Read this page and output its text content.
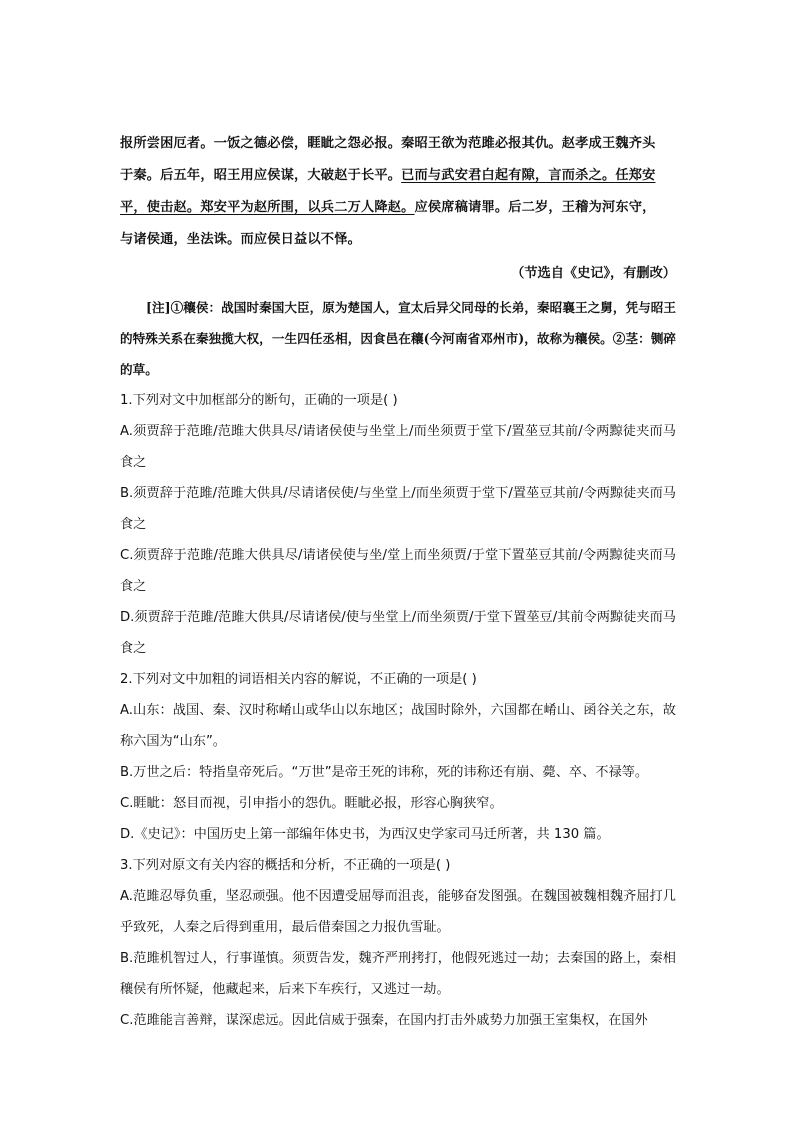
报所尝困厄者。一饭之德必偿，睚眦之怨必报。秦昭王欲为范雎必报其仇。赵孝成王魏齐头

于秦。后五年，昭王用应侯谋，大破赵于长平。已而与武安君白起有隙，言而杀之。任郑安

平，使击赵。郑安平为赵所围，以兵二万人降赵。应侯席稿请罪。后二岁，王稽为河东守，

与诸侯通，坐法诛。而应侯日益以不怿。

（节选自《史记》，有删改）

[注]①穰侯：战国时秦国大臣，原为楚国人，宣太后异父同母的长弟，秦昭襄王之舅，凭与昭王的特殊关系在秦独揽大权，一生四任丞相，因食邑在穰(今河南省邓州市)，故称为穰侯。②茎：铡碎的草。

1.下列对文中加框部分的断句，正确的一项是( )

A.须贾辞于范雎/范雎大供具尽/请诸侯使与坐堂上/而坐须贾于堂下/置莝豆其前/令两黥徒夹而马食之

B.须贾辞于范雎/范雎大供具/尽请诸侯使/与坐堂上/而坐须贾于堂下/置莝豆其前/令两黥徒夹而马食之

C.须贾辞于范雎/范雎大供具尽/请诸侯使与坐/堂上而坐须贾/于堂下置莝豆其前/令两黥徒夹而马食之

D.须贾辞于范雎/范雎大供具/尽请诸侯/使与坐堂上/而坐须贾/于堂下置莝豆/其前令两黥徒夹而马食之

2.下列对文中加粗的词语相关内容的解说，不正确的一项是( )

A.山东：战国、秦、汉时称崤山或华山以东地区；战国时除外，六国都在崤山、函谷关之东，故称六国为“山东”。

B.万世之后：特指皇帝死后。“万世”是帝王死的讳称，死的讳称还有崩、薨、卒、不禄等。

C.睚眦：怒目而视，引申指小的怨仇。睚眦必报，形容心胸狭窄。

D.《史记》：中国历史上第一部编年体史书，为西汉史学家司马迁所著，共 130 篇。

3.下列对原文有关内容的概括和分析，不正确的一项是( )

A.范雎忍辱负重，坚忍顽强。他不因遭受屈辱而沮丧，能够奋发图强。在魏国被魏相魏齐屈打几乎致死，人秦之后得到重用，最后借秦国之力报仇雪耻。

B.范雎机智过人，行事谨慎。须贾告发，魏齐严刑拷打，他假死逃过一劫；去秦国的路上，秦相穰侯有所怀疑，他藏起来，后来下车疾行，又逃过一劫。

C.范雎能言善辩，谋深虑远。因此信威于强秦，在国内打击外戚势力加强王室集权，在国外
